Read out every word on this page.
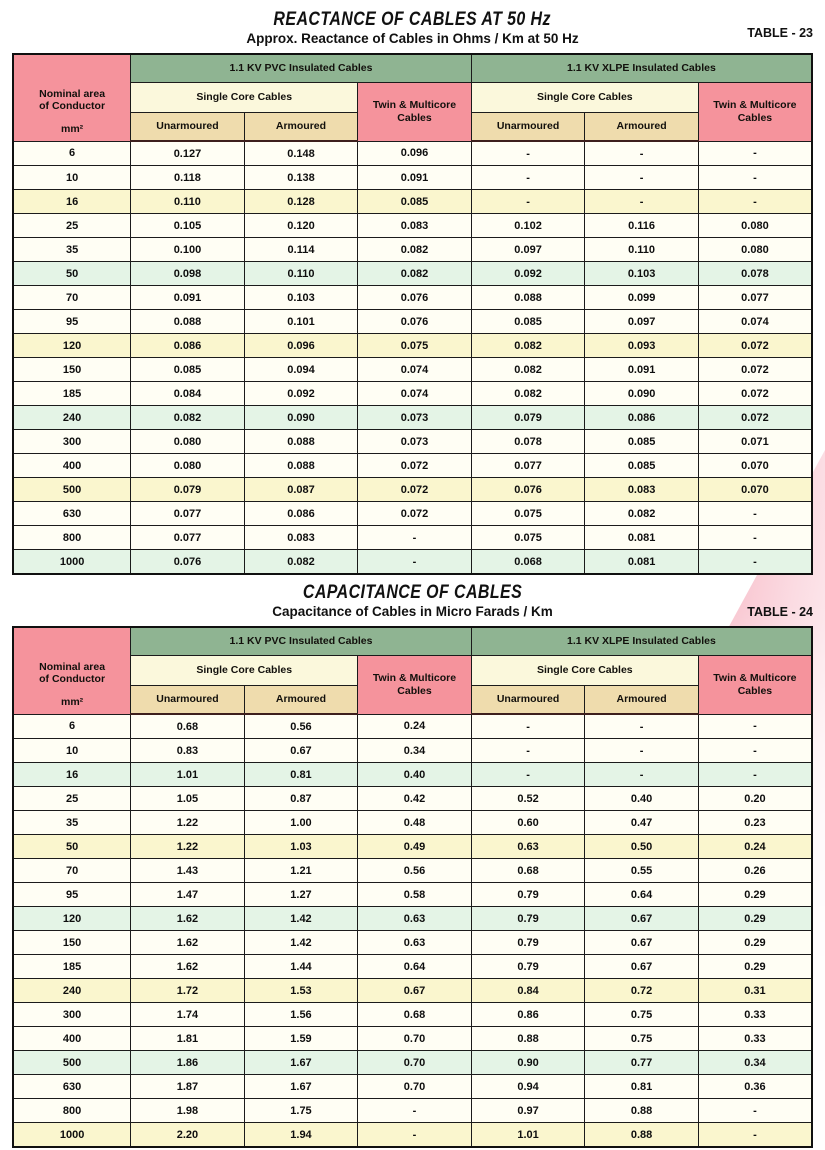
REACTANCE OF CABLES AT 50 Hz
Approx. Reactance of Cables in Ohms / Km at 50 Hz	TABLE - 23
Nominal area of Conductor
mm²	1.1 KV PVC Insulated Cables			1.1 KV XLPE Insulated Cables		
	Single Core Cables		Twin & Multicore Cables	Single Core Cables		Twin & Multicore Cables
	Unarmoured	Armoured		Unarmoured	Armoured	
6	0.127	0.148	0.096	-	-	-
10	0.118	0.138	0.091	-	-	-
16	0.110	0.128	0.085	-	-	-
25	0.105	0.120	0.083	0.102	0.116	0.080
35	0.100	0.114	0.082	0.097	0.110	0.080
50	0.098	0.110	0.082	0.092	0.103	0.078
70	0.091	0.103	0.076	0.088	0.099	0.077
95	0.088	0.101	0.076	0.085	0.097	0.074
120	0.086	0.096	0.075	0.082	0.093	0.072
150	0.085	0.094	0.074	0.082	0.091	0.072
185	0.084	0.092	0.074	0.082	0.090	0.072
240	0.082	0.090	0.073	0.079	0.086	0.072
300	0.080	0.088	0.073	0.078	0.085	0.071
400	0.080	0.088	0.072	0.077	0.085	0.070
500	0.079	0.087	0.072	0.076	0.083	0.070
630	0.077	0.086	0.072	0.075	0.082	-
800	0.077	0.083	-	0.075	0.081	-
1000	0.076	0.082	-	0.068	0.081	-
CAPACITANCE OF CABLES
Capacitance of Cables in Micro Farads / Km	TABLE - 24
Nominal area of Conductor
mm²	1.1 KV PVC Insulated Cables			1.1 KV XLPE Insulated Cables		
	Single Core Cables		Twin & Multicore Cables	Single Core Cables		Twin & Multicore Cables
	Unarmoured	Armoured		Unarmoured	Armoured	
6	0.68	0.56	0.24	-	-	-
10	0.83	0.67	0.34	-	-	-
16	1.01	0.81	0.40	-	-	-
25	1.05	0.87	0.42	0.52	0.40	0.20
35	1.22	1.00	0.48	0.60	0.47	0.23
50	1.22	1.03	0.49	0.63	0.50	0.24
70	1.43	1.21	0.56	0.68	0.55	0.26
95	1.47	1.27	0.58	0.79	0.64	0.29
120	1.62	1.42	0.63	0.79	0.67	0.29
150	1.62	1.42	0.63	0.79	0.67	0.29
185	1.62	1.44	0.64	0.79	0.67	0.29
240	1.72	1.53	0.67	0.84	0.72	0.31
300	1.74	1.56	0.68	0.86	0.75	0.33
400	1.81	1.59	0.70	0.88	0.75	0.33
500	1.86	1.67	0.70	0.90	0.77	0.34
630	1.87	1.67	0.70	0.94	0.81	0.36
800	1.98	1.75	-	0.97	0.88	-
1000	2.20	1.94	-	1.01	0.88	-
